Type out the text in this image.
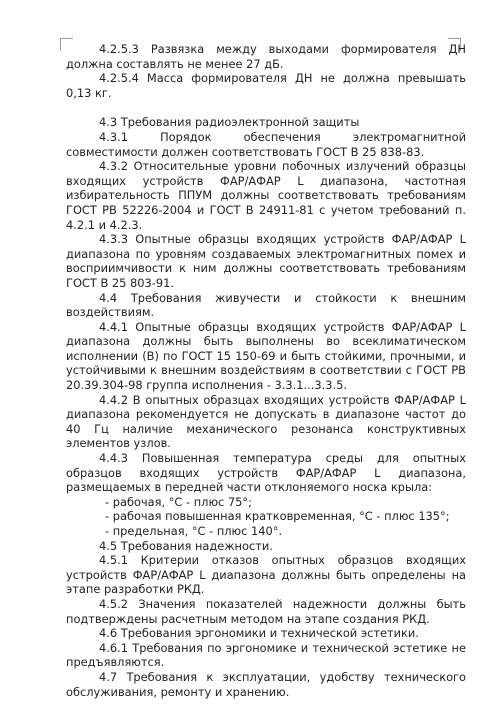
4.2.5.3 Развязка между выходами формирователя ДН должна составлять не менее 27 дБ.

4.2.5.4 Масса формирователя ДН не должна превышать 0,13 кг.

4.3 Требования радиоэлектронной защиты

4.3.1 Порядок обеспечения электромагнитной совместимости должен соответствовать ГОСТ В 25 838-83.

4.3.2 Относительные уровни побочных излучений образцы входящих устройств ФАР/АФАР L диапазона, частотная избирательность ППУМ должны соответствовать требованиям ГОСТ РВ 52226-2004 и ГОСТ В 24911-81 с учетом требований п. 4.2.1 и 4.2.3.

4.3.3 Опытные образцы входящих устройств ФАР/АФАР L диапазона по уровням создаваемых электромагнитных помех и восприимчивости к ним должны соответствовать требованиям ГОСТ В 25 803-91.

4.4 Требования живучести и стойкости к внешним воздействиям.

4.4.1 Опытные образцы входящих устройств ФАР/АФАР L диапазона должны быть выполнены во всеклиматическом исполнении (В) по ГОСТ 15 150-69 и быть стойкими, прочными, и устойчивыми к внешним воздействиям в соответствии с ГОСТ РВ 20.39.304-98 группа исполнения - 3.3.1...3.3.5.

4.4.2 В опытных образцах входящих устройств ФАР/АФАР L диапазона рекомендуется не допускать в диапазоне частот до 40 Гц наличие механического резонанса конструктивных элементов узлов.

4.4.3 Повышенная температура среды для опытных образцов входящих устройств ФАР/АФАР L диапазона, размещаемых в передней части отклоняемого носка крыла:

- рабочая, °С - плюс 75°;

- рабочая повышенная кратковременная, °С - плюс 135°;

- предельная, °С - плюс 140°.

4.5 Требования надежности.

4.5.1 Критерии отказов опытных образцов входящих устройств ФАР/АФАР L диапазона должны быть определены на этапе разработки РКД.

4.5.2 Значения показателей надежности должны быть подтверждены расчетным методом на этапе создания РКД.

4.6 Требования эргономики и технической эстетики.

4.6.1 Требования по эргономике и технической эстетике не предъявляются.

4.7 Требования к эксплуатации, удобству технического обслуживания, ремонту и хранению.
